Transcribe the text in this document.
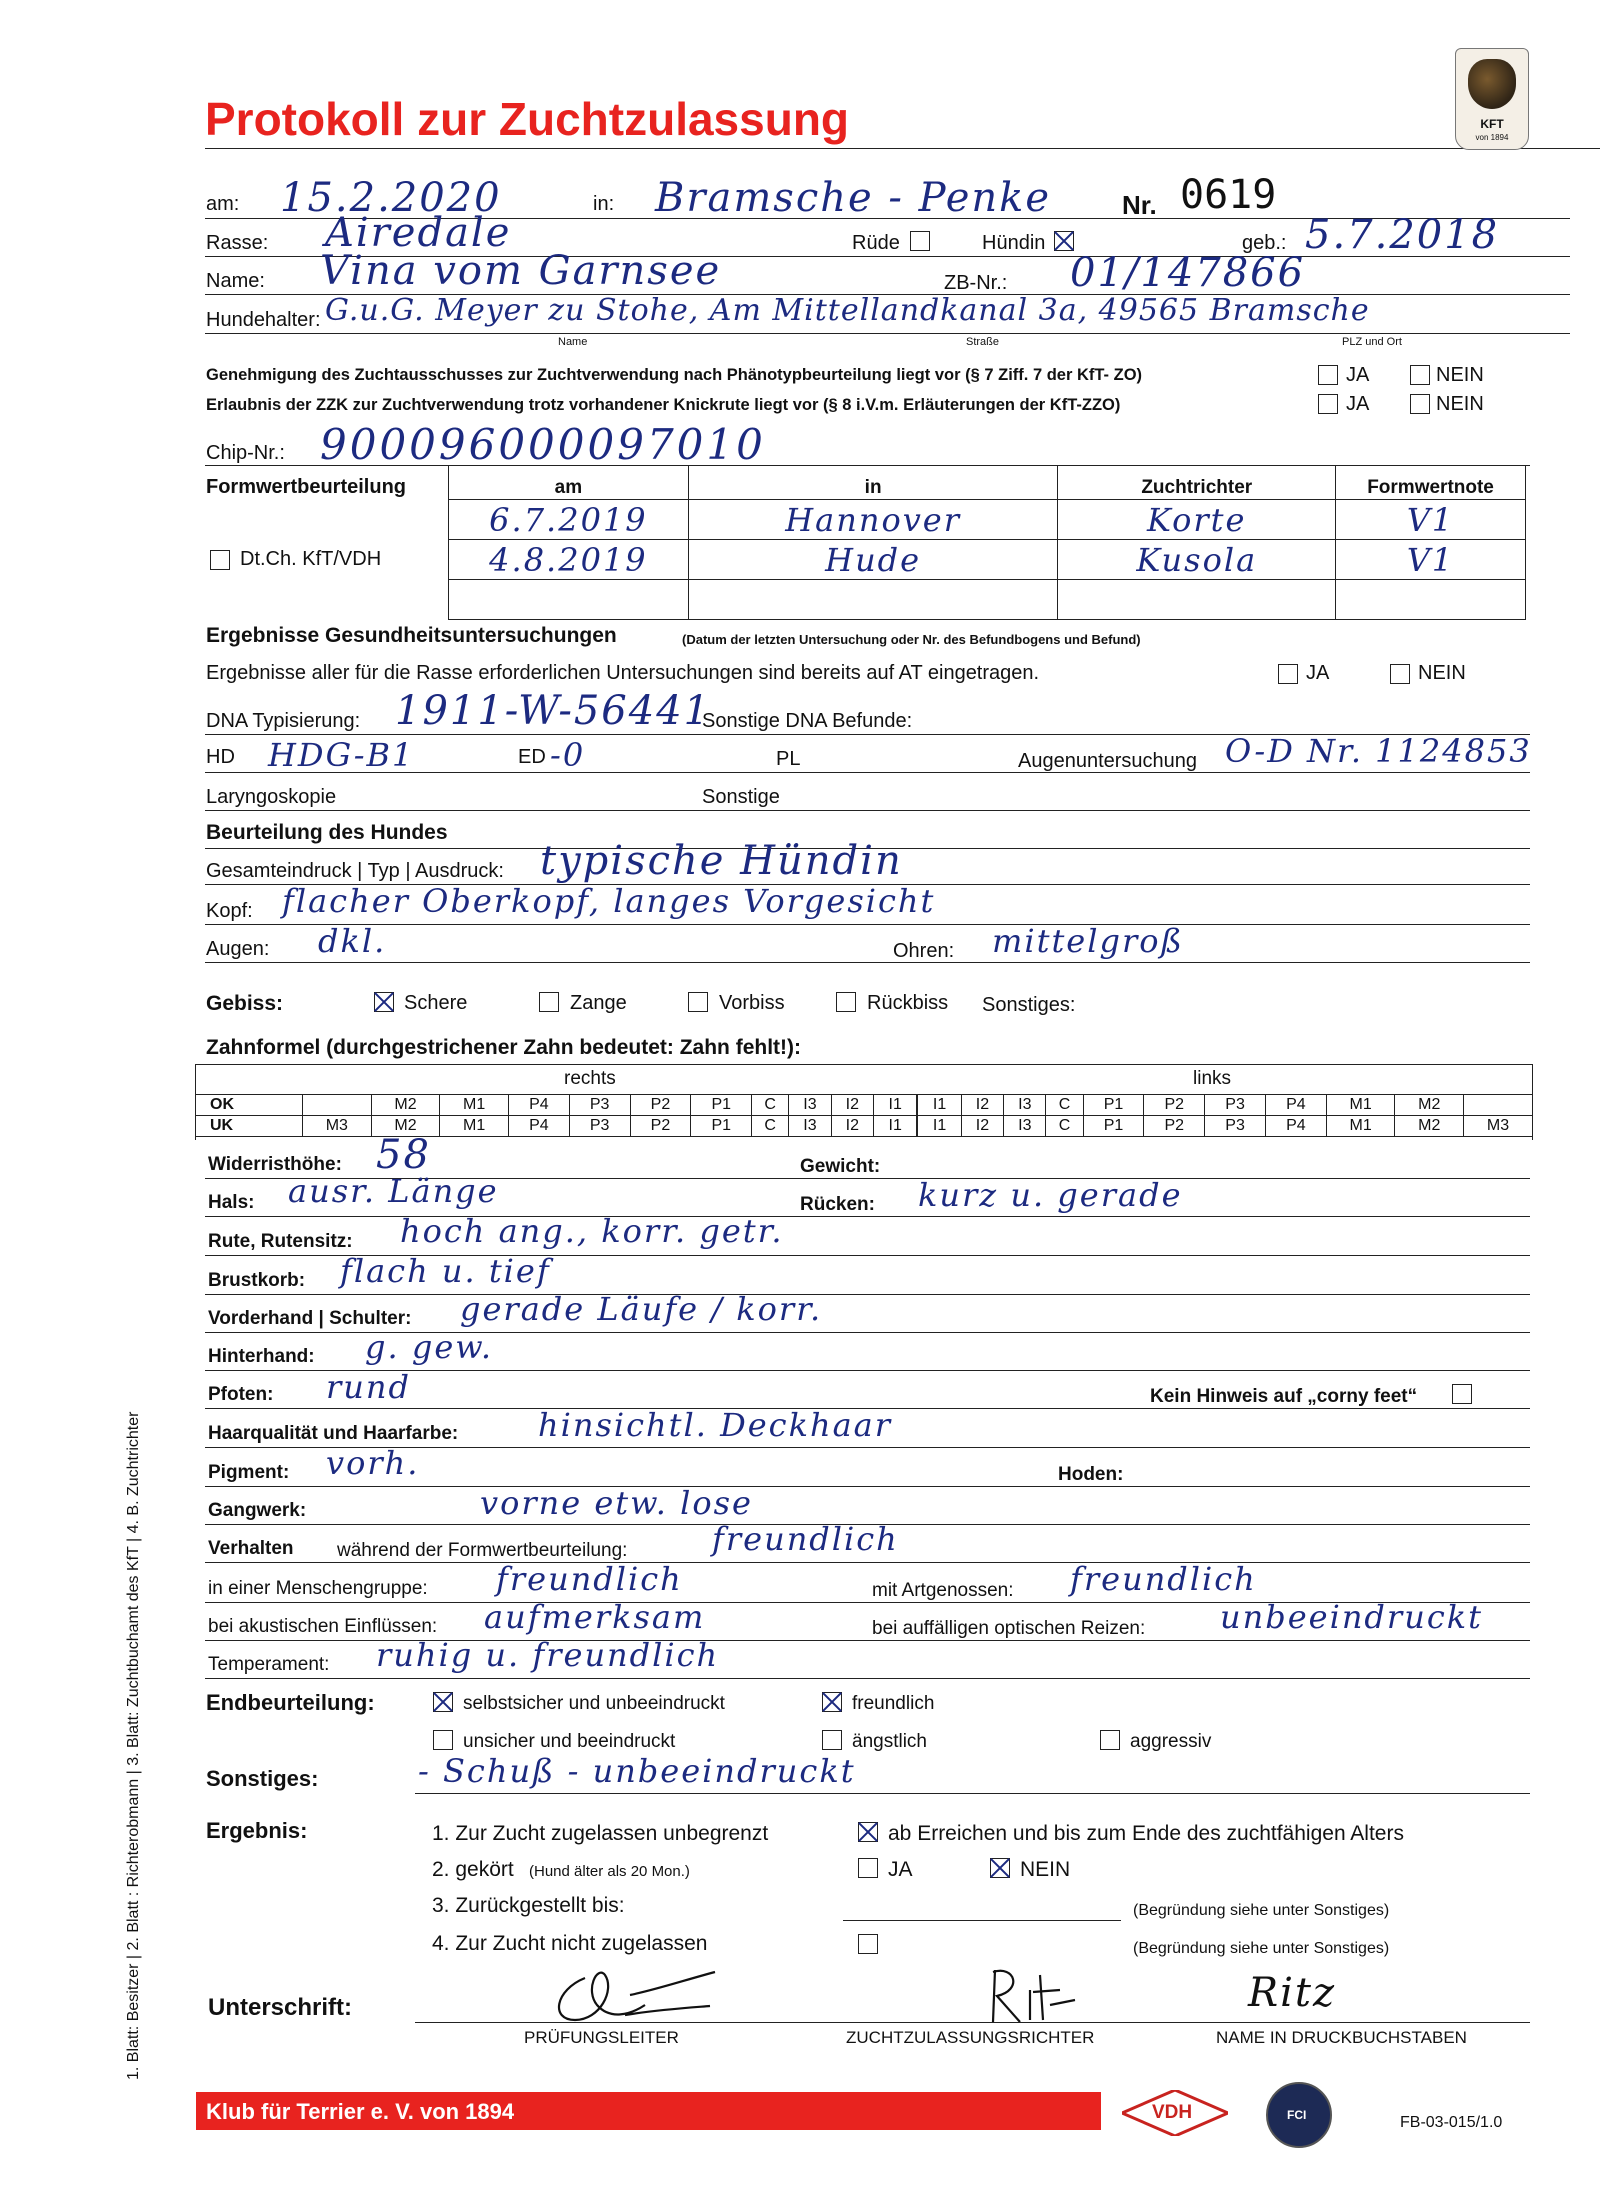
Protokoll zur Zuchtzulassung	KFT
von 1894
am: 15.2.2020	in: Bramsche - Penke	Nr. 0619
Rasse: Airedale	Rüde	Hündin	geb.: 5.7.2018
Name: Vina vom Garnsee	ZB-Nr.: 01/147866
Hundehalter: G.u.G. Meyer zu Stohe, Am Mittellandkanal 3a, 49565 Bramsche
Name	Straße	PLZ und Ort
Genehmigung des Zuchtausschusses zur Zuchtverwendung nach Phänotypbeurteilung liegt vor (§ 7 Ziff. 7 der KfT- ZO)	JA	NEIN
Erlaubnis der ZZK zur Zuchtverwendung trotz vorhandener Knickrute liegt vor (§ 8 i.V.m. Erläuterungen der KfT-ZZO)	JA	NEIN
Chip-Nr.: 900096000097010
Formwertbeurteilung
Dt.Ch. KfT/VDH
am	in	Zuchtrichter	Formwertnote
6.7.2019	Hannover	Korte	V1
4.8.2019	Hude	Kusola	V1

Ergebnisse Gesundheitsuntersuchungen	(Datum der letzten Untersuchung oder Nr. des Befundbogens und Befund)
Ergebnisse aller für die Rasse erforderlichen Untersuchungen sind bereits auf AT eingetragen.	JA	NEIN
DNA Typisierung: 1911-W-56441
Sonstige DNA Befunde:
HD HDG-B1	ED -0	PL	Augenuntersuchung O-D Nr. 1124853
Laryngoskopie	Sonstige
Beurteilung des Hundes
Gesamteindruck | Typ | Ausdruck: typische Hündin
Kopf: flacher Oberkopf, langes Vorgesicht
Augen: dkl.	Ohren: mittelgroß
Gebiss:	Schere	Zange	Vorbiss	Rückbiss Sonstiges:
Zahnformel (durchgestrichener Zahn bedeutet: Zahn fehlt!):
rechts	links
OK		M2	M1	P4	P3	P2	P1	C	I3	I2	I1	I1	I2	I3	C	P1	P2	P3	P4	M1	M2	
UK	M3	M2	M1	P4	P3	P2	P1	C	I3	I2	I1	I1	I2	I3	C	P1	P2	P3	P4	M1	M2	M3
Widerristhöhe: 58	Gewicht:
Hals: ausr. Länge	Rücken: kurz u. gerade
Rute, Rutensitz: hoch ang., korr. getr.
Brustkorb: flach u. tief
Vorderhand | Schulter: gerade Läufe / korr.
Hinterhand: g. gew.
Pfoten: rund	Kein Hinweis auf „corny feet“
Haarqualität und Haarfarbe: hinsichtl. Deckhaar
Pigment: vorh.	Hoden:
Gangwerk:	vorne etw. lose
Verhalten während der Formwertbeurteilung:	freundlich
in einer Menschengruppe: freundlich	mit Artgenossen: freundlich
bei akustischen Einflüssen: aufmerksam	bei auffälligen optischen Reizen: unbeeindruckt
Temperament: ruhig u. freundlich
Endbeurteilung:	selbstsicher und unbeeindruckt	freundlich
unsicher und beeindruckt	ängstlich	aggressiv
Sonstiges:	- Schuß - unbeeindruckt
Ergebnis:	1. Zur Zucht zugelassen unbegrenzt	ab Erreichen und bis zum Ende des zuchtfähigen Alters
2. gekört (Hund älter als 20 Mon.)	JA	NEIN
3. Zurückgestellt bis:	(Begründung siehe unter Sonstiges)
4. Zur Zucht nicht zugelassen	(Begründung siehe unter Sonstiges)
Unterschrift:	Ritz
PRÜFUNGSLEITER	ZUCHTZULASSUNGSRICHTER	NAME IN DRUCKBUCHSTABEN
Klub für Terrier e. V. von 1894	VDH	FCI	FB-03-015/1.0
1. Blatt: Besitzer | 2. Blatt : Richterobmann | 3. Blatt: Zuchtbuchamt des KfT | 4. B. Zuchtrichter
